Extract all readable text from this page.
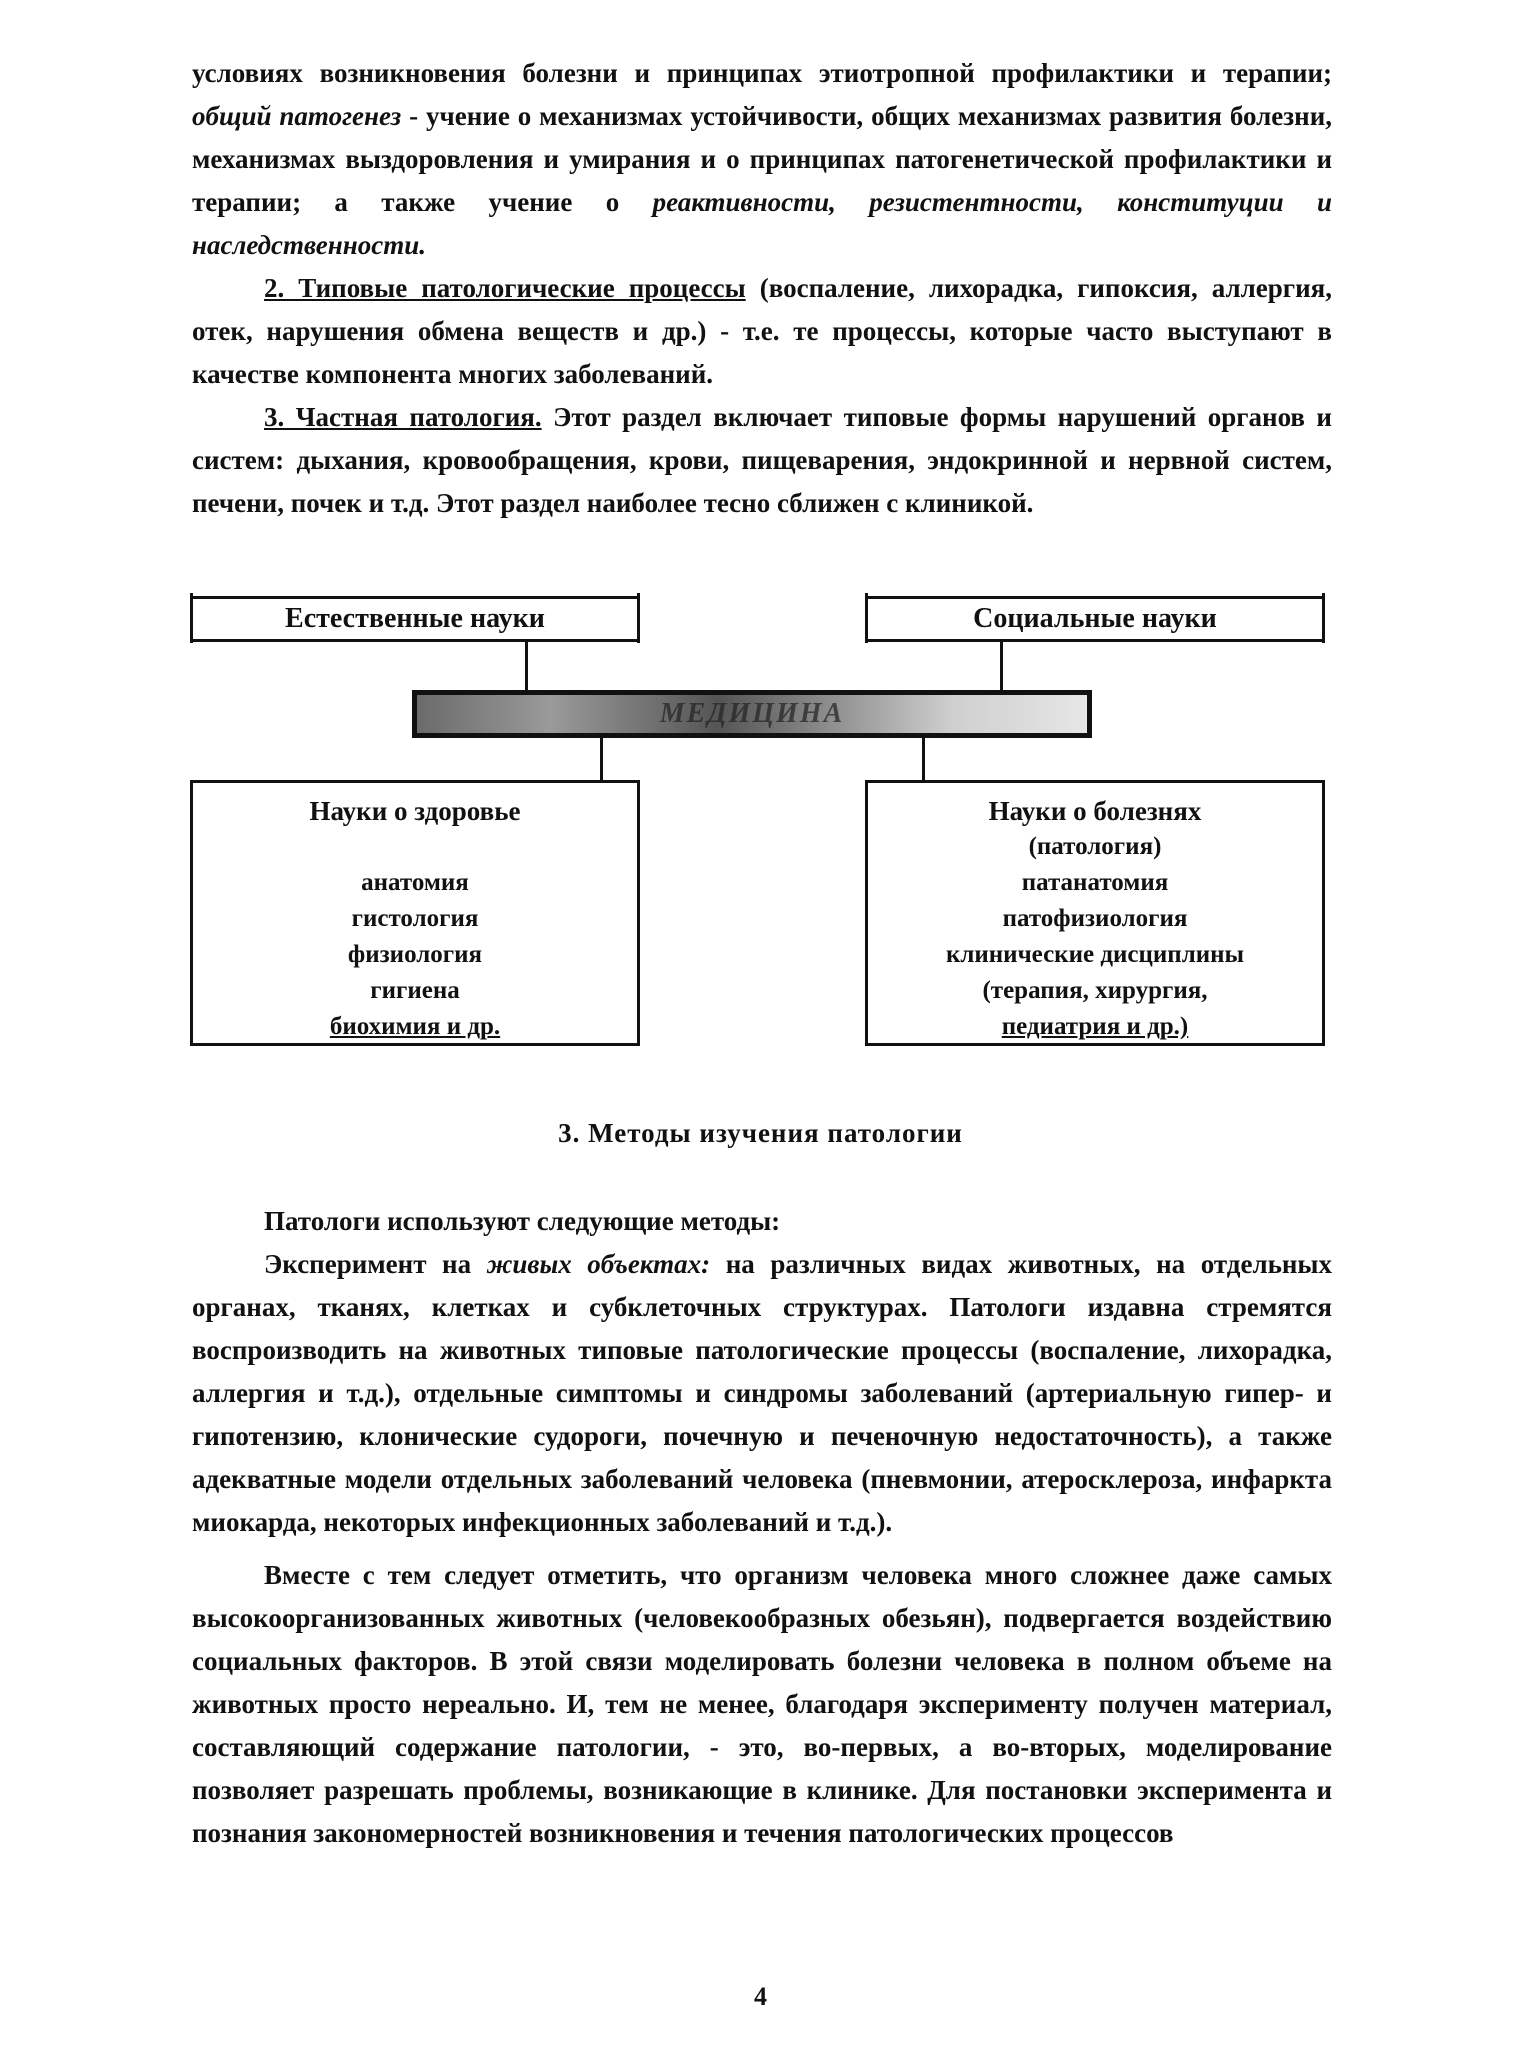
условиях возникновения болезни и принципах этиотропной профилактики и терапии; общий патогенез - учение о механизмах устойчивости, общих механизмах развития болезни, механизмах выздоровления и умирания и о принципах патогенетической профилактики и терапии; а также учение о реактивности, резистентности, конституции и наследственности.

2. Типовые патологические процессы (воспаление, лихорадка, гипоксия, аллергия, отек, нарушения обмена веществ и др.) - т.е. те процессы, которые часто выступают в качестве компонента многих заболеваний.

3. Частная патология. Этот раздел включает типовые формы нарушений органов и систем: дыхания, кровообращения, крови, пищеварения, эндокринной и нервной систем, печени, почек и т.д. Этот раздел наиболее тесно сближен с клиникой.

Естественные науки	Социальные науки
МЕДИЦИНА
Науки о здоровье
анатомия
гистология
физиология
гигиена
биохимия и др.
Науки о болезнях
(патология)
патанатомия
патофизиология
клинические дисциплины
(терапия, хирургия,
педиатрия и др.)
3. Методы изучения патологии

Патологи используют следующие методы:

Эксперимент на живых объектах: на различных видах животных, на отдельных органах, тканях, клетках и субклеточных структурах. Патологи издавна стремятся воспроизводить на животных типовые патологические процессы (воспаление, лихорадка, аллергия и т.д.), отдельные симптомы и синдромы заболеваний (артериальную гипер- и гипотензию, клонические судороги, почечную и печеночную недостаточность), а также адекватные модели отдельных заболеваний человека (пневмонии, атеросклероза, инфаркта миокарда, некоторых инфекционных заболеваний и т.д.).

Вместе с тем следует отметить, что организм человека много сложнее даже самых высокоорганизованных животных (человекообразных обезьян), подвергается воздействию социальных факторов. В этой связи моделировать болезни человека в полном объеме на животных просто нереально. И, тем не менее, благодаря эксперименту получен материал, составляющий содержание патологии, - это, во-первых, а во-вторых, моделирование позволяет разрешать проблемы, возникающие в клинике. Для постановки эксперимента и познания закономерностей возникновения и течения патологических процессов

4
